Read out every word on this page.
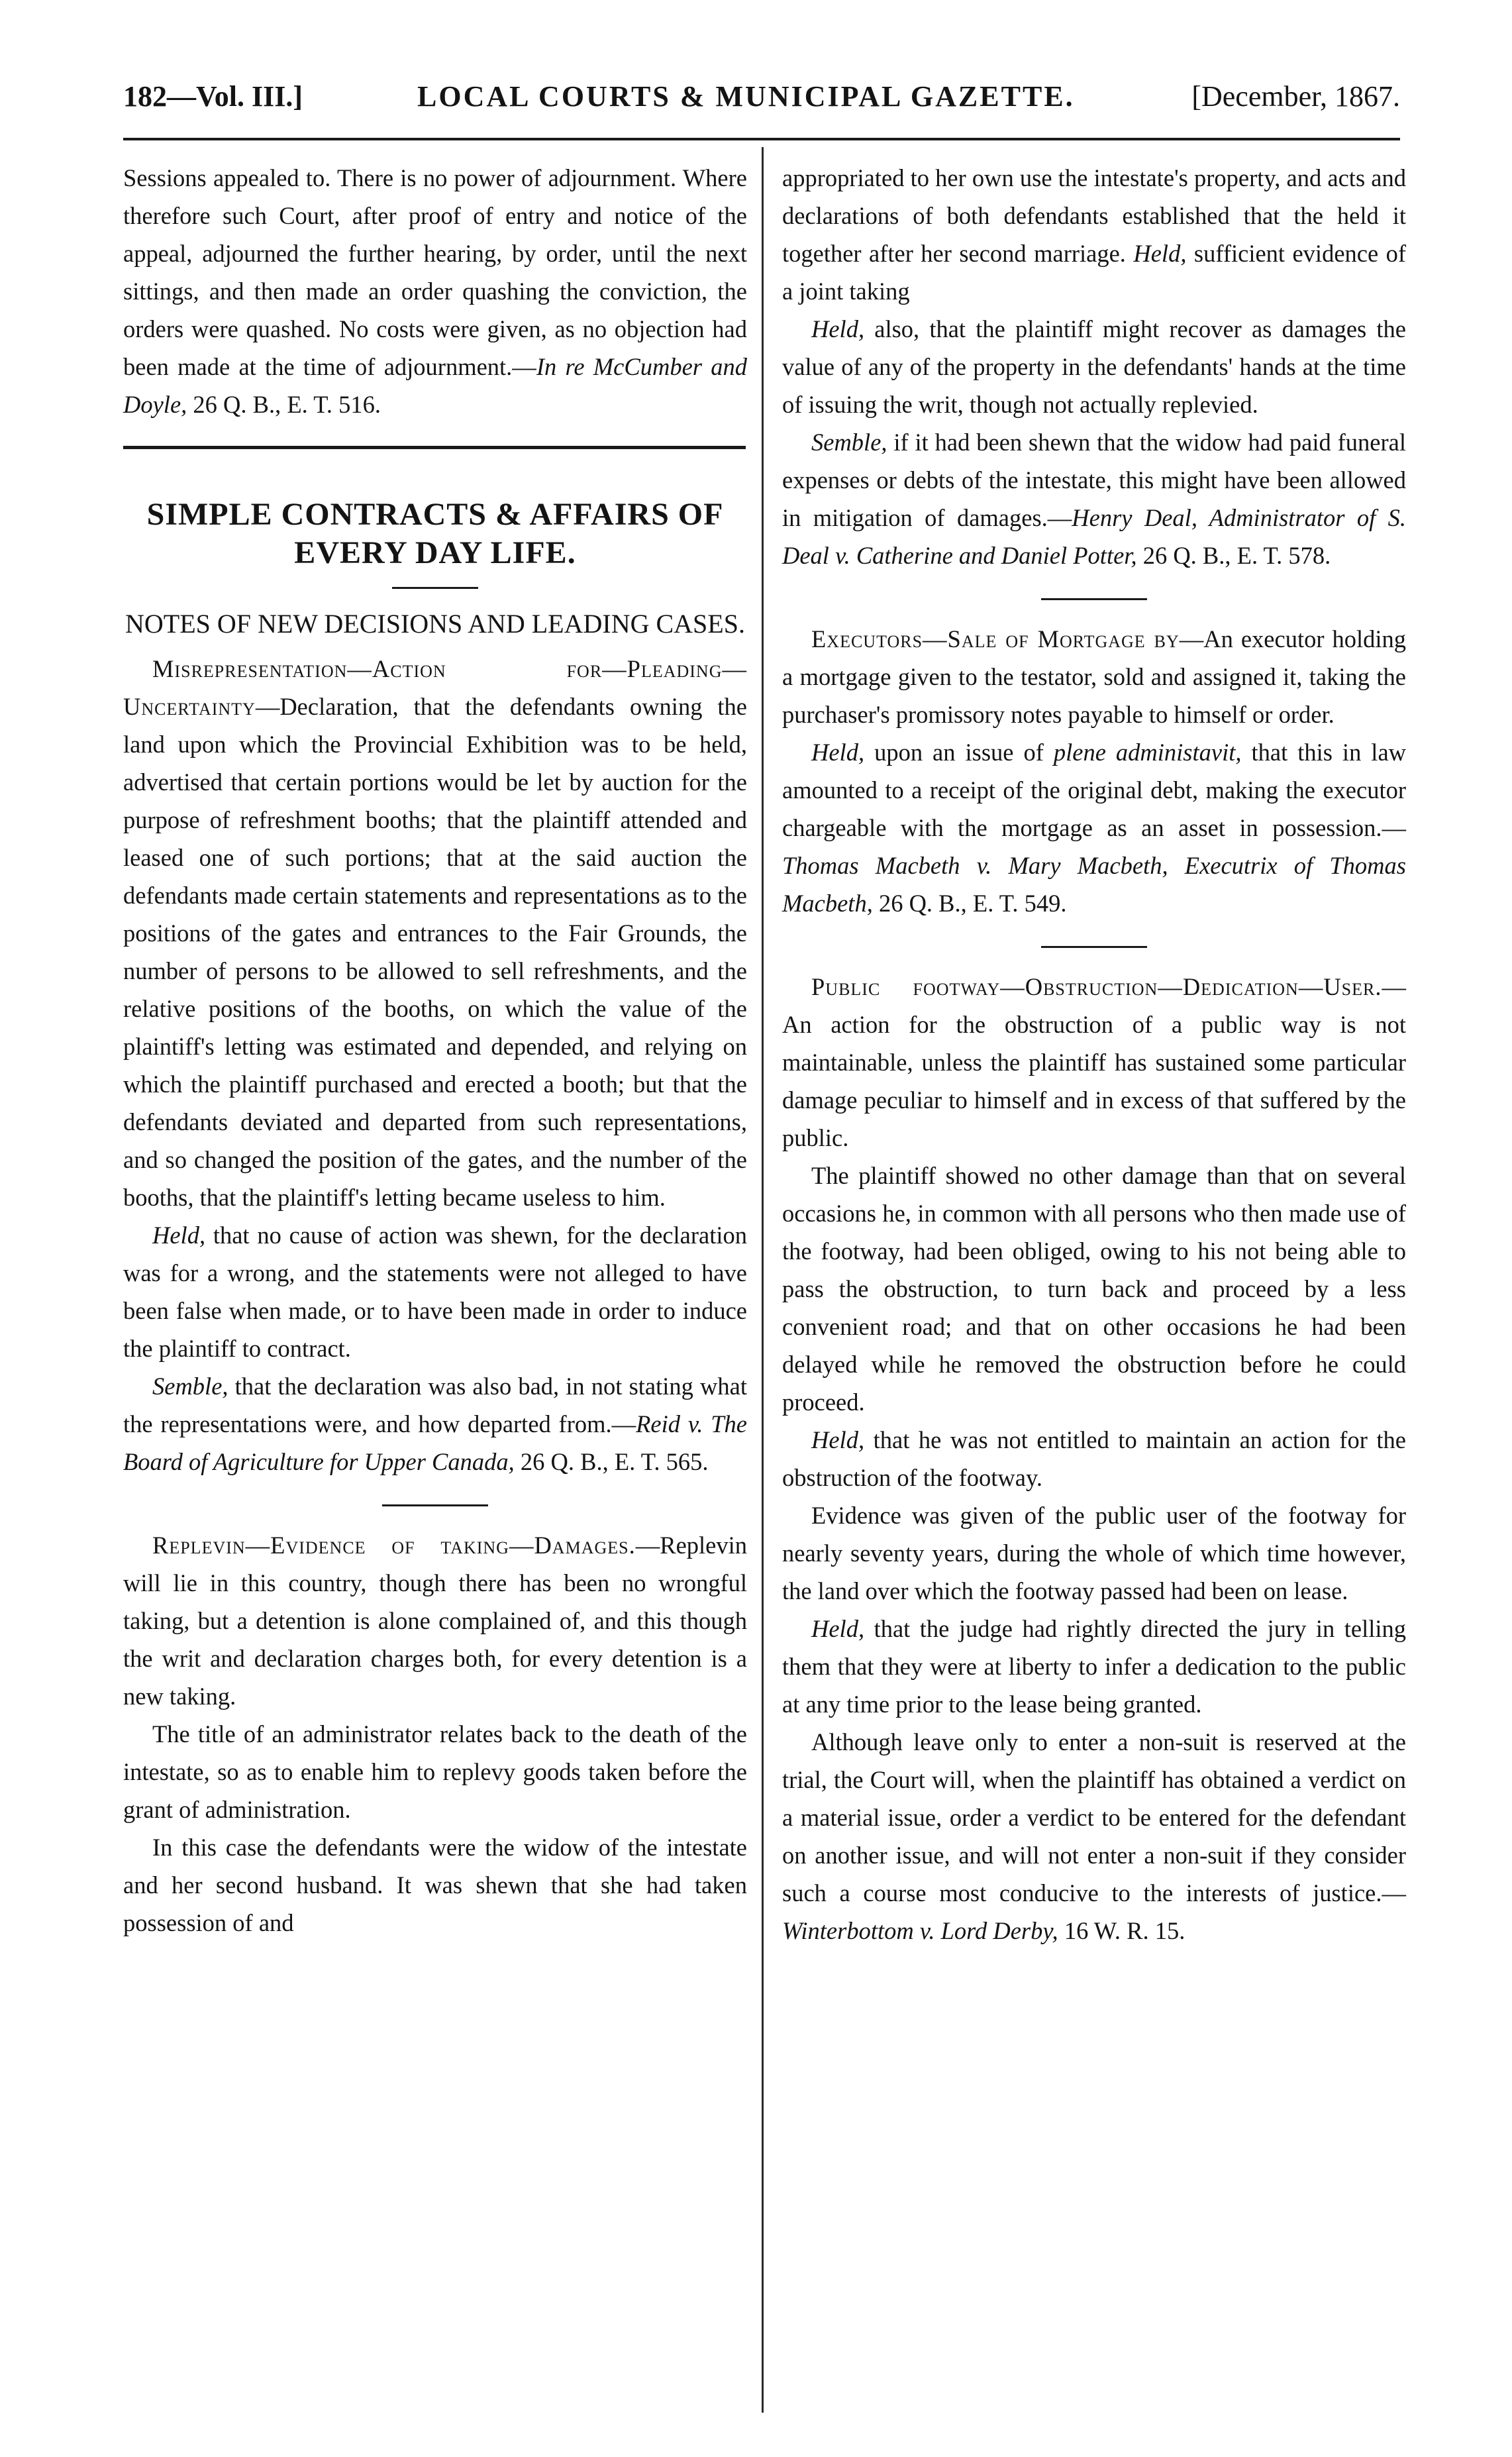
182—Vol. III.]	LOCAL COURTS & MUNICIPAL GAZETTE.	[December, 1867.

Sessions appealed to. There is no power of adjournment. Where therefore such Court, after proof of entry and notice of the appeal, adjourned the further hearing, by order, until the next sittings, and then made an order quashing the conviction, the orders were quashed. No costs were given, as no objection had been made at the time of adjournment.—In re McCumber and Doyle, 26 Q. B., E. T. 516.

SIMPLE CONTRACTS & AFFAIRS OF EVERY DAY LIFE.
NOTES OF NEW DECISIONS AND LEADING CASES.

Misrepresentation—Action for—Pleading—Uncertainty—Declaration, that the defendants owning the land upon which the Provincial Exhibition was to be held, advertised that certain portions would be let by auction for the purpose of refreshment booths; that the plaintiff attended and leased one of such portions; that at the said auction the defendants made certain statements and representations as to the positions of the gates and entrances to the Fair Grounds, the number of persons to be allowed to sell refreshments, and the relative positions of the booths, on which the value of the plaintiff's letting was estimated and depended, and relying on which the plaintiff purchased and erected a booth; but that the defendants deviated and departed from such representations, and so changed the position of the gates, and the number of the booths, that the plaintiff's letting became useless to him.

Held, that no cause of action was shewn, for the declaration was for a wrong, and the statements were not alleged to have been false when made, or to have been made in order to induce the plaintiff to contract.

Semble, that the declaration was also bad, in not stating what the representations were, and how departed from.—Reid v. The Board of Agriculture for Upper Canada, 26 Q. B., E. T. 565.

Replevin—Evidence of taking—Damages.—Replevin will lie in this country, though there has been no wrongful taking, but a detention is alone complained of, and this though the writ and declaration charges both, for every detention is a new taking.

The title of an administrator relates back to the death of the intestate, so as to enable him to replevy goods taken before the grant of administration.

In this case the defendants were the widow of the intestate and her second husband. It was shewn that she had taken possession of and

appropriated to her own use the intestate's property, and acts and declarations of both defendants established that the held it together after her second marriage. Held, sufficient evidence of a joint taking

Held, also, that the plaintiff might recover as damages the value of any of the property in the defendants' hands at the time of issuing the writ, though not actually replevied.

Semble, if it had been shewn that the widow had paid funeral expenses or debts of the intestate, this might have been allowed in mitigation of damages.—Henry Deal, Administrator of S. Deal v. Catherine and Daniel Potter, 26 Q. B., E. T. 578.

Executors—Sale of Mortgage by—An executor holding a mortgage given to the testator, sold and assigned it, taking the purchaser's promissory notes payable to himself or order.

Held, upon an issue of plene administavit, that this in law amounted to a receipt of the original debt, making the executor chargeable with the mortgage as an asset in possession.—Thomas Macbeth v. Mary Macbeth, Executrix of Thomas Macbeth, 26 Q. B., E. T. 549.

Public footway—Obstruction—Dedication—User.— An action for the obstruction of a public way is not maintainable, unless the plaintiff has sustained some particular damage peculiar to himself and in excess of that suffered by the public.

The plaintiff showed no other damage than that on several occasions he, in common with all persons who then made use of the footway, had been obliged, owing to his not being able to pass the obstruction, to turn back and proceed by a less convenient road; and that on other occasions he had been delayed while he removed the obstruction before he could proceed.

Held, that he was not entitled to maintain an action for the obstruction of the footway.

Evidence was given of the public user of the footway for nearly seventy years, during the whole of which time however, the land over which the footway passed had been on lease.

Held, that the judge had rightly directed the jury in telling them that they were at liberty to infer a dedication to the public at any time prior to the lease being granted.

Although leave only to enter a non-suit is reserved at the trial, the Court will, when the plaintiff has obtained a verdict on a material issue, order a verdict to be entered for the defendant on another issue, and will not enter a non-suit if they consider such a course most conducive to the interests of justice.—Winterbottom v. Lord Derby, 16 W. R. 15.
